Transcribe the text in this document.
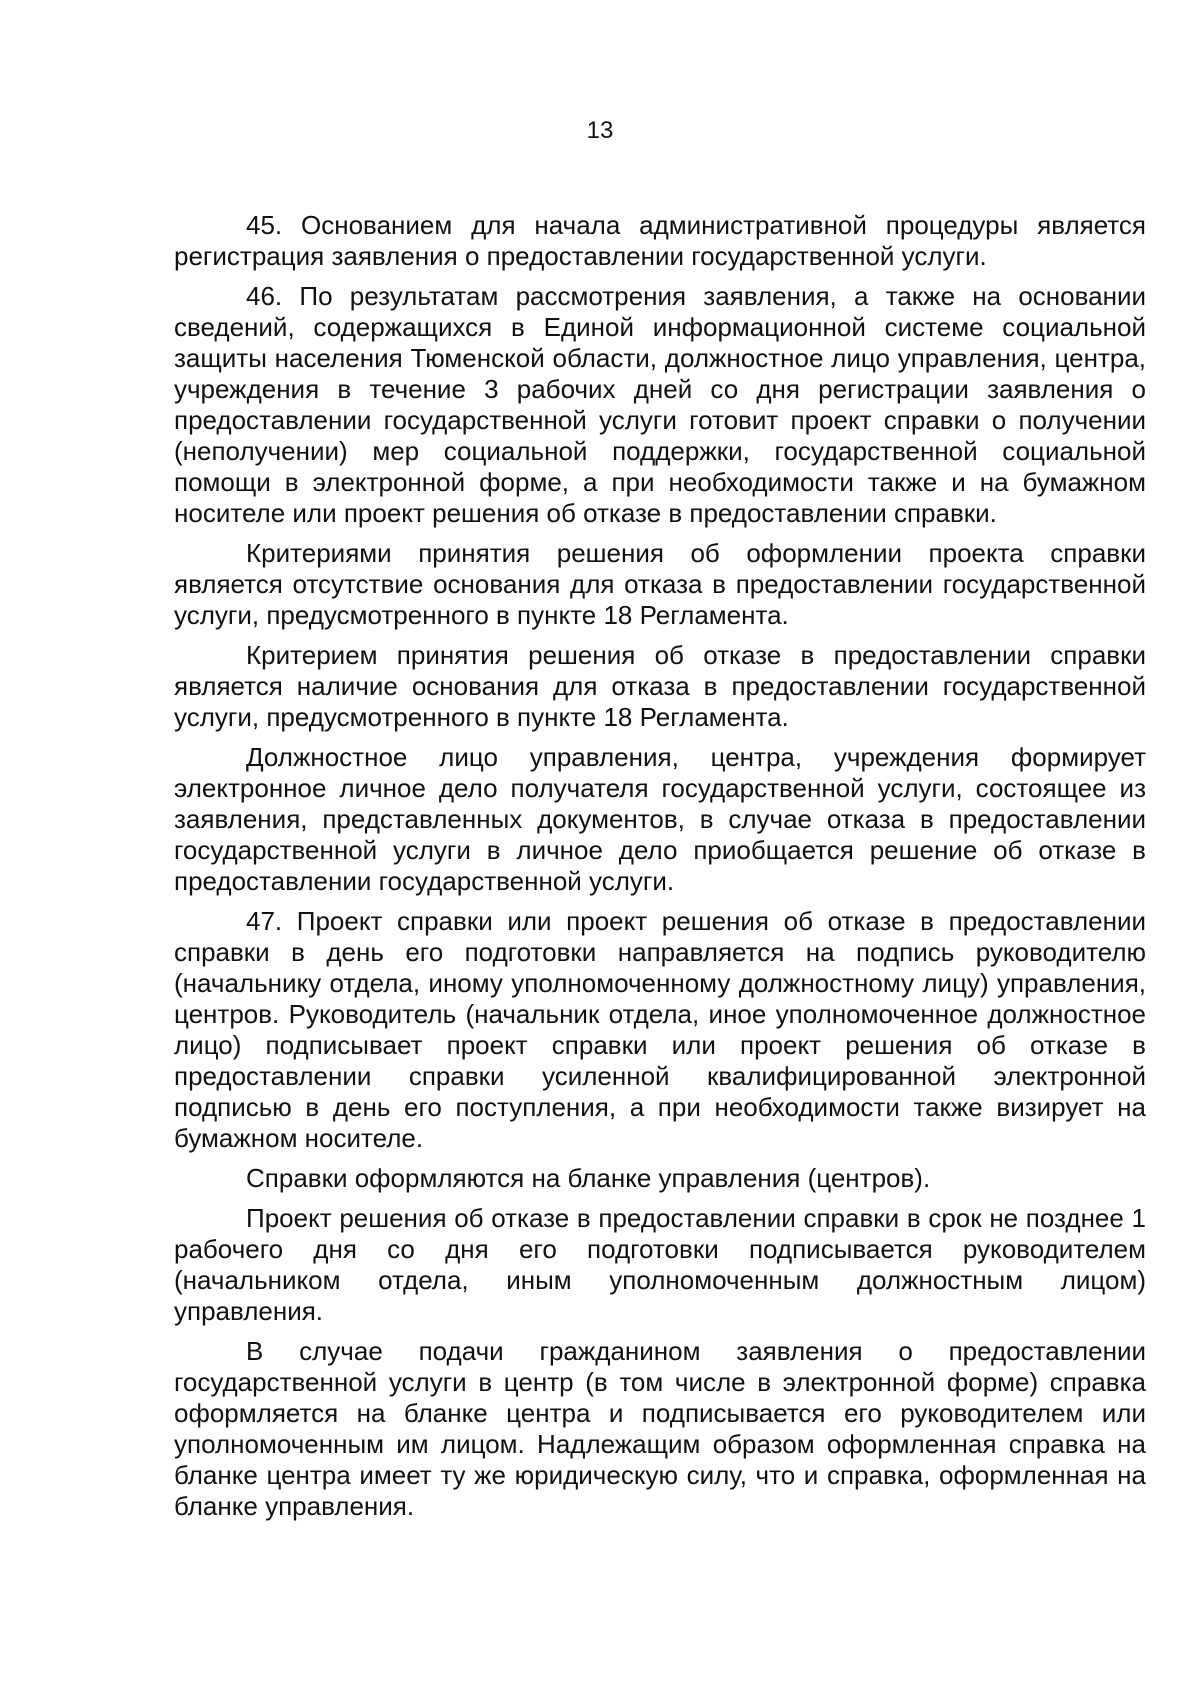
13

45. Основанием для начала административной процедуры является регистрация заявления о предоставлении государственной услуги.

46. По результатам рассмотрения заявления, а также на основании сведений, содержащихся в Единой информационной системе социальной защиты населения Тюменской области, должностное лицо управления, центра, учреждения в течение 3 рабочих дней со дня регистрации заявления о предоставлении государственной услуги готовит проект справки о получении (неполучении) мер социальной поддержки, государственной социальной помощи в электронной форме, а при необходимости также и на бумажном носителе или проект решения об отказе в предоставлении справки.

Критериями принятия решения об оформлении проекта справки является отсутствие основания для отказа в предоставлении государственной услуги, предусмотренного в пункте 18 Регламента.

Критерием принятия решения об отказе в предоставлении справки является наличие основания для отказа в предоставлении государственной услуги, предусмотренного в пункте 18 Регламента.

Должностное лицо управления, центра, учреждения формирует электронное личное дело получателя государственной услуги, состоящее из заявления, представленных документов, в случае отказа в предоставлении государственной услуги в личное дело приобщается решение об отказе в предоставлении государственной услуги.

47. Проект справки или проект решения об отказе в предоставлении справки в день его подготовки направляется на подпись руководителю (начальнику отдела, иному уполномоченному должностному лицу) управления, центров. Руководитель (начальник отдела, иное уполномоченное должностное лицо) подписывает проект справки или проект решения об отказе в предоставлении справки усиленной квалифицированной электронной подписью в день его поступления, а при необходимости также визирует на бумажном носителе.

Справки оформляются на бланке управления (центров).

Проект решения об отказе в предоставлении справки в срок не позднее 1 рабочего дня со дня его подготовки подписывается руководителем (начальником отдела, иным уполномоченным должностным лицом) управления.

В случае подачи гражданином заявления о предоставлении государственной услуги в центр (в том числе в электронной форме) справка оформляется на бланке центра и подписывается его руководителем или уполномоченным им лицом. Надлежащим образом оформленная справка на бланке центра имеет ту же юридическую силу, что и справка, оформленная на бланке управления.
